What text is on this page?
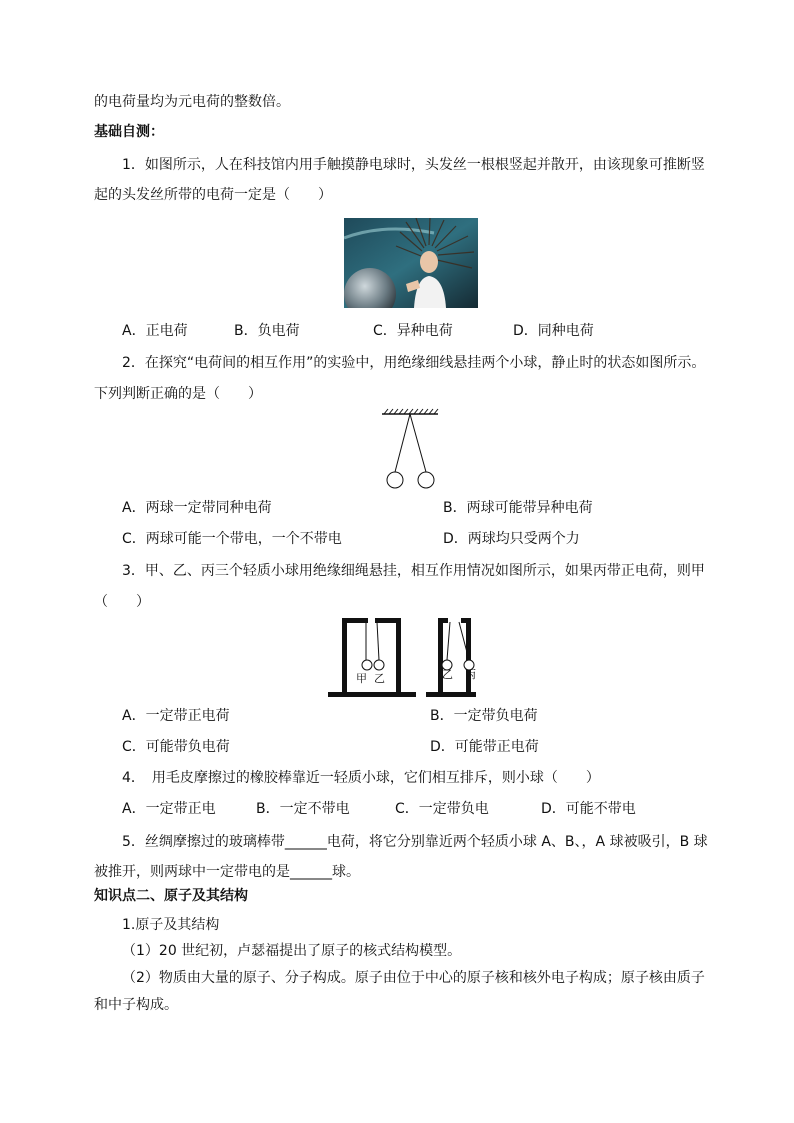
的电荷量均为元电荷的整数倍。
基础自测：
1．如图所示，人在科技馆内用手触摸静电球时，头发丝一根根竖起并散开，由该现象可推断竖
起的头发丝所带的电荷一定是（　　）
A．正电荷	B．负电荷	C．异种电荷	D．同种电荷
2．在探究“电荷间的相互作用”的实验中，用绝缘细线悬挂两个小球，静止时的状态如图所示。
下列判断正确的是（　　）
A．两球一定带同种电荷	B．两球可能带异种电荷
C．两球可能一个带电，一个不带电	D．两球均只受两个力
3．甲、乙、丙三个轻质小球用绝缘细绳悬挂，相互作用情况如图所示，如果丙带正电荷，则甲
（　　）
甲 乙	乙 丙
A．一定带正电荷	B．一定带负电荷
C．可能带负电荷	D．可能带正电荷
4．　用毛皮摩擦过的橡胶棒靠近一轻质小球，它们相互排斥，则小球（　　）
A．一定带正电	B．一定不带电	C．一定带负电	D．可能不带电
5．丝绸摩擦过的玻璃棒带______电荷，将它分别靠近两个轻质小球 A、B、，A 球被吸引，B 球
被推开，则两球中一定带电的是______球。
知识点二、原子及其结构
1.原子及其结构
（1）20 世纪初，卢瑟福提出了原子的核式结构模型。
（2）物质由大量的原子、分子构成。原子由位于中心的原子核和核外电子构成；原子核由质子
和中子构成。
